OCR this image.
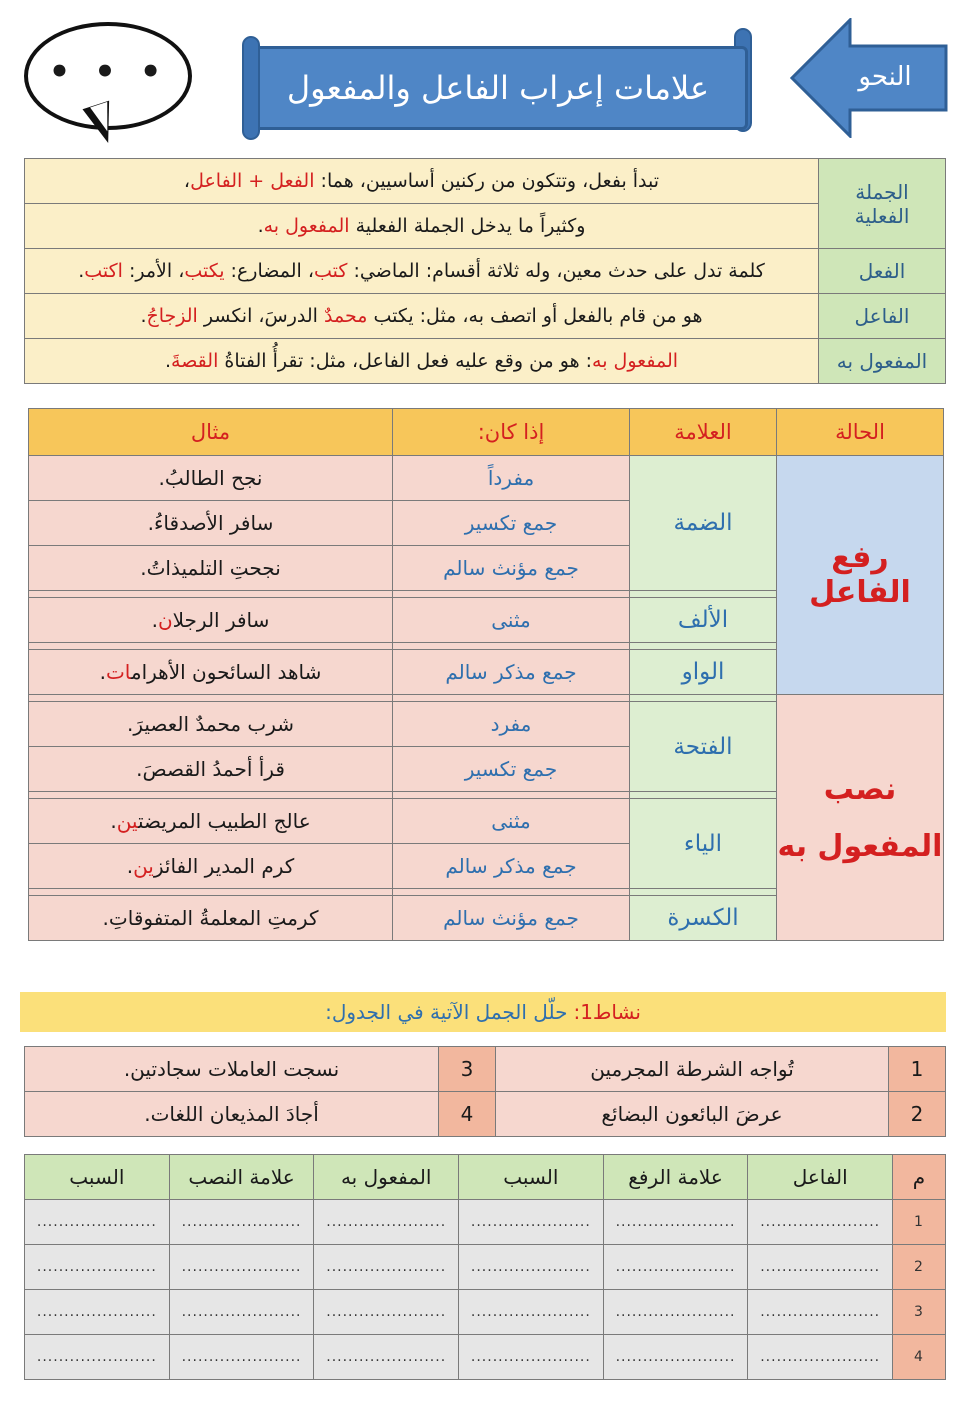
• • •	علامات إعراب الفاعل والمفعول	النحو
الجملة
الفعلية	تبدأ بفعل، وتتكون من ركنين أساسيين، هما: الفعل + الفاعل،
	وكثيراً ما يدخل الجملة الفعلية المفعول به.
الفعل	كلمة تدل على حدث معين، وله ثلاثة أقسام: الماضي: كتب، المضارع: يكتب، الأمر: اكتب.
الفاعل	هو من قام بالفعل أو اتصف به، مثل: يكتب محمدٌ الدرسَ، انكسر الزجاجُ.
المفعول به	المفعول به: هو من وقع عليه فعل الفاعل، مثل: تقرأُ الفتاةُ القصةَ.
الحالة	العلامة	إذا كان:	مثال
رفع الفاعل	الضمة	مفرداً	نجح الطالب.
		جمع تكسير	سافر الأصدقاء.
		جمع مؤنث سالم	نجحتِ التلميذات.

	الألف	مثنى	سافر الرجلان.

	الواو	جمع مذكر سالم	شاهد السائحون الأهرامات.
نصب
المفعول به			
	الفتحة	مفرد	شرب محمدٌ العصير.
		جمع تكسير	قرأ أحمدُ القصص.

	الياء	مثنى	عالج الطبيب المريضتين.
		جمع مذكر سالم	كرم المدير الفائزين.

	الكسرة	جمع مؤنث سالم	كرمتِ المعلمةُ المتفوقات.
نشاط1:
حلّل الجمل الآتية في الجدول:
1	تُواجه الشرطة المجرمين	3	نسجت العاملات سجادتين.
2	عرضَ البائعون البضائع	4	أجادَ المذيعان اللغات.
م	الفاعل	علامة الرفع	السبب	المفعول به	علامة النصب	السبب
1	......................	......................	......................	......................	......................	......................
2	......................	......................	......................	......................	......................	......................
3	......................	......................	......................	......................	......................	......................
4	......................	......................	......................	......................	......................	......................
